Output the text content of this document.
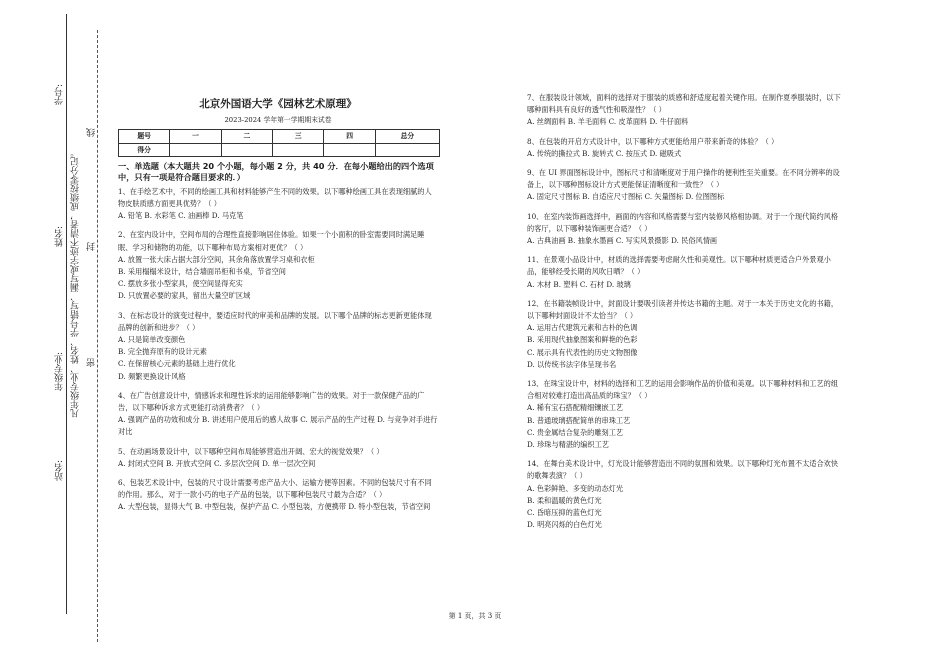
年级专业: 凡年级专业、姓名、学号错写、漏写或字迹不清者，成绩按零分记。
姓名:
学号:
密
封
线
站名:
北京外国语大学《园林艺术原理》
2023-2024 学年第一学期期末试卷
题号	一	二	三	四	总分
得分					
一、单选题（本大题共 20 个小题，每小题 2 分，共 40 分．在每小题给出的四个选项中，只有一项是符合题目要求的．）

1、在手绘艺术中，不同的绘画工具和材料能够产生不同的效果。以下哪种绘画工具在表现细腻的人物皮肤质感方面更具优势？（ ）

A. 铅笔 B. 水彩笔 C. 油画棒 D. 马克笔

2、在室内设计中，空间布局的合理性直接影响居住体验。如果一个小面积的卧室需要同时满足睡眠、学习和储物的功能，以下哪种布局方案相对更优？（ ）

A. 放置一张大床占据大部分空间，其余角落放置学习桌和衣柜

B. 采用榻榻米设计，结合墙面吊柜和书桌，节省空间

C. 摆放多张小型家具，使空间显得充实

D. 只放置必要的家具，留出大量空旷区域

3、在标志设计的演变过程中，要适应时代的审美和品牌的发展。以下哪个品牌的标志更新更能体现品牌的创新和进步？（ ）

A. 只是简单改变颜色

B. 完全抛弃原有的设计元素

C. 在保留核心元素的基础上进行优化

D. 频繁更换设计风格

4、在广告创意设计中，情感诉求和理性诉求的运用能够影响广告的效果。对于一款保健产品的广告，以下哪种诉求方式更能打动消费者？（ ）

A. 强调产品的功效和成分 B. 讲述用户使用后的感人故事 C. 展示产品的生产过程 D. 与竞争对手进行对比

5、在动画场景设计中，以下哪种空间布局能够营造出开阔、宏大的视觉效果？（ ）

A. 封闭式空间 B. 开放式空间 C. 多层次空间 D. 单一层次空间

6、包装艺术设计中，包装的尺寸设计需要考虑产品大小、运输方便等因素。不同的包装尺寸有不同的作用。那么，对于一款小巧的电子产品的包装，以下哪种包装尺寸最为合适？（ ）

A. 大型包装，显得大气 B. 中型包装，保护产品 C. 小型包装，方便携带 D. 特小型包装，节省空间

7、在服装设计领域，面料的选择对于服装的质感和舒适度起着关键作用。在制作夏季服装时，以下哪种面料具有良好的透气性和吸湿性？（ ）

A. 丝绸面料 B. 羊毛面料 C. 皮革面料 D. 牛仔面料

8、在包装的开启方式设计中，以下哪种方式更能给用户带来新奇的体验？（ ）

A. 传统的撕拉式 B. 旋转式 C. 按压式 D. 磁吸式

9、在 UI 界面图标设计中，图标尺寸和清晰度对于用户操作的便利性至关重要。在不同分辨率的设备上，以下哪种图标设计方式更能保证清晰度和一致性？（ ）

A. 固定尺寸图标 B. 自适应尺寸图标 C. 矢量图标 D. 位图图标

10、在室内装饰画选择中，画面的内容和风格需要与室内装修风格相协调。对于一个现代简约风格的客厅，以下哪种装饰画更合适？（ ）

A. 古典油画 B. 抽象水墨画 C. 写实风景摄影 D. 民俗风情画

11、在景观小品设计中，材质的选择需要考虑耐久性和美观性。以下哪种材质更适合户外景观小品，能够经受长期的风吹日晒？（ ）

A. 木材 B. 塑料 C. 石材 D. 玻璃

12、在书籍装帧设计中，封面设计要吸引读者并传达书籍的主题。对于一本关于历史文化的书籍，以下哪种封面设计不太恰当？（ ）

A. 运用古代建筑元素和古朴的色调

B. 采用现代抽象图案和鲜艳的色彩

C. 展示具有代表性的历史文物图像

D. 以传统书法字体呈现书名

13、在珠宝设计中，材料的选择和工艺的运用会影响作品的价值和美观。以下哪种材料和工艺的组合相对较难打造出高品质的珠宝？（ ）

A. 稀有宝石搭配精细镶嵌工艺

B. 普通玻璃搭配简单的串珠工艺

C. 贵金属结合复杂的雕刻工艺

D. 珍珠与精湛的编织工艺

14、在舞台美术设计中，灯光设计能够营造出不同的氛围和效果。以下哪种灯光布置不太适合欢快的歌舞表演？（ ）

A. 色彩鲜艳、多变的动态灯光

B. 柔和温暖的黄色灯光

C. 昏暗压抑的蓝色灯光

D. 明亮闪烁的白色灯光

第 1 页，共 3 页
